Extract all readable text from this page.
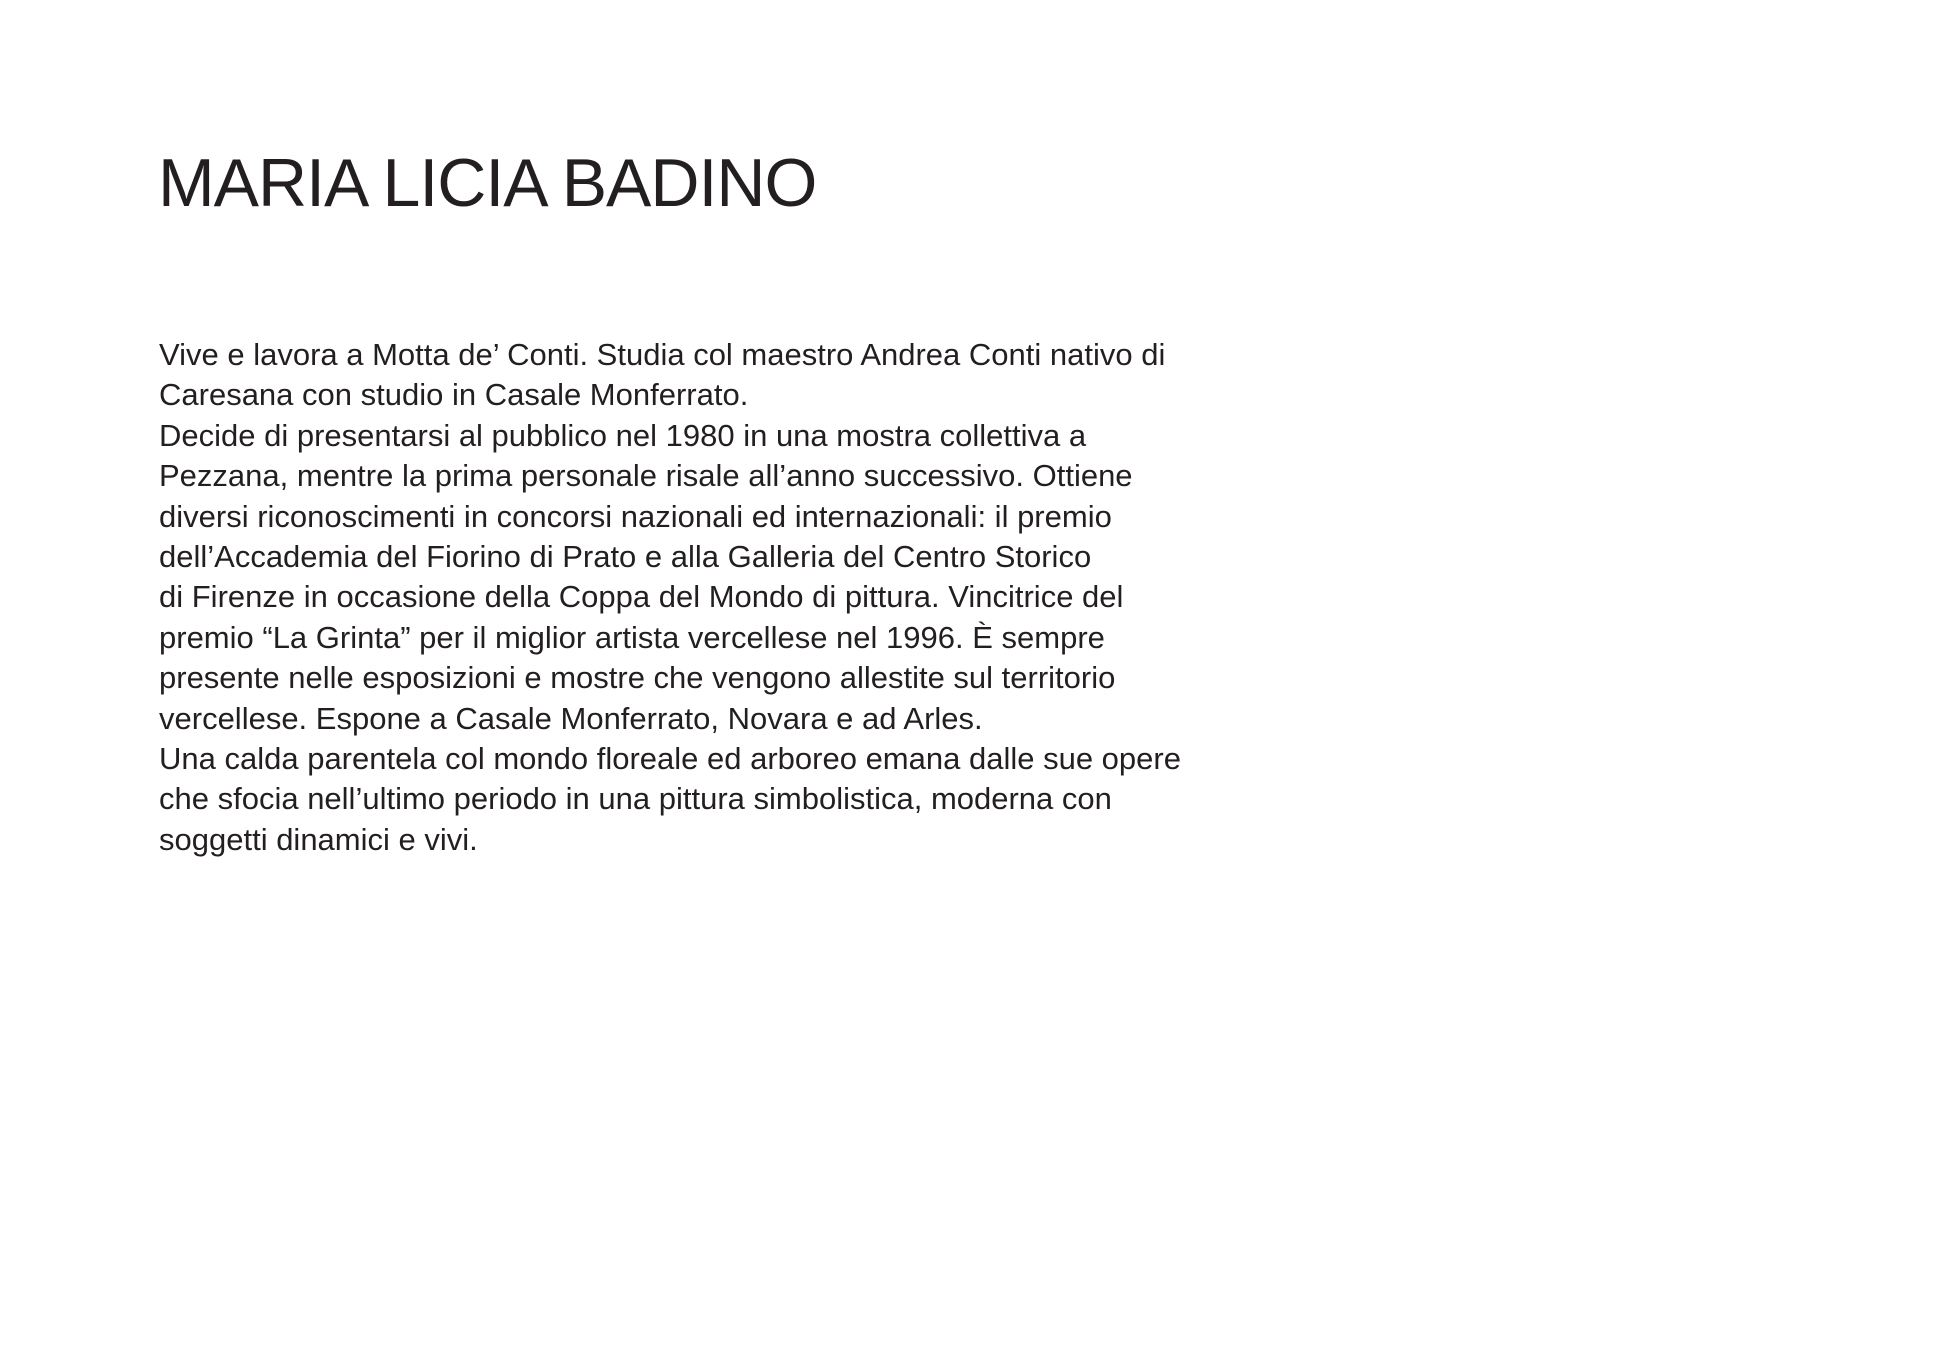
MARIA LICIA BADINO
Vive e lavora a Motta de’ Conti. Studia col maestro Andrea Conti nativo di
Caresana con studio in Casale Monferrato.
Decide di presentarsi al pubblico nel 1980 in una mostra collettiva a
Pezzana, mentre la prima personale risale all’anno successivo. Ottiene
diversi riconoscimenti in concorsi nazionali ed internazionali: il premio
dell’Accademia del Fiorino di Prato e alla Galleria del Centro Storico
di Firenze in occasione della Coppa del Mondo di pittura. Vincitrice del
premio “La Grinta” per il miglior artista vercellese nel 1996. È sempre
presente nelle esposizioni e mostre che vengono allestite sul territorio
vercellese. Espone a Casale Monferrato, Novara e ad Arles.
Una calda parentela col mondo floreale ed arboreo emana dalle sue opere
che sfocia nell’ultimo periodo in una pittura simbolistica, moderna con
soggetti dinamici e vivi.
